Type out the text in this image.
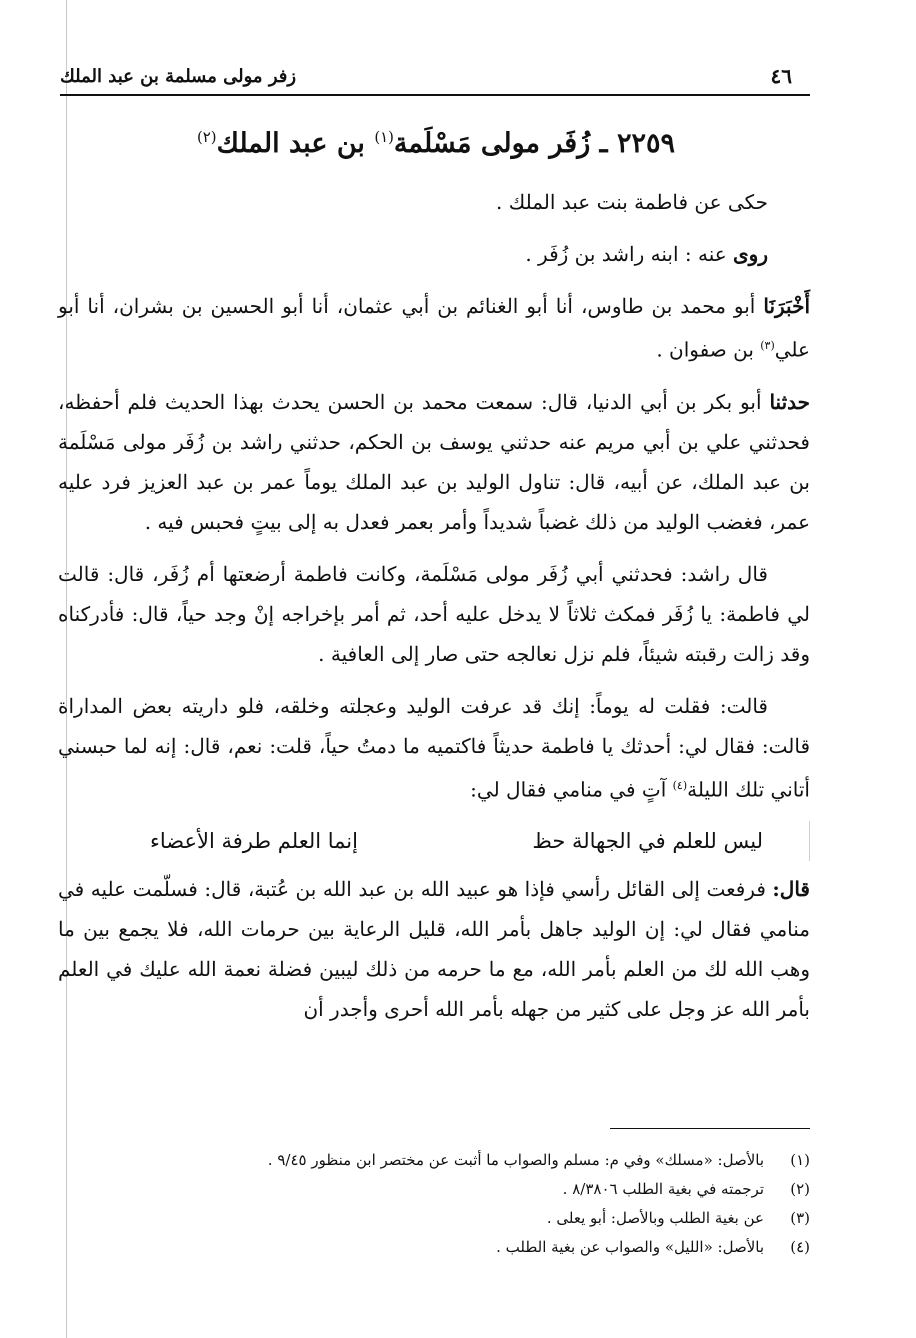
٤٦
زفر مولى مسلمة بن عبد الملك
٢٢٥٩ ـ زُفَر مولى مَسْلَمة$^{(١)}$ بن عبد الملك$^{(٢)}$

حكى عن فاطمة بنت عبد الملك .

روى عنه : ابنه راشد بن زُفَر .

أَخْبَرَنَا أبو محمد بن طاوس، أنا أبو الغنائم بن أبي عثمان، أنا أبو الحسين بن بشران، أنا أبو علي$^{(٣)}$ بن صفوان .

حدثنا أبو بكر بن أبي الدنيا، قال: سمعت محمد بن الحسن يحدث بهذا الحديث فلم أحفظه، فحدثني علي بن أبي مريم عنه حدثني يوسف بن الحكم، حدثني راشد بن زُفَر مولى مَسْلَمة بن عبد الملك، عن أبيه، قال: تناول الوليد بن عبد الملك يوماً عمر بن عبد العزيز فرد عليه عمر، فغضب الوليد من ذلك غضباً شديداً وأمر بعمر فعدل به إلى بيتٍ فحبس فيه .

قال راشد: فحدثني أبي زُفَر مولى مَسْلَمة، وكانت فاطمة أرضعتها أم زُفَر، قال: قالت لي فاطمة: يا زُفَر فمكث ثلاثاً لا يدخل عليه أحد، ثم أمر بإخراجه إنْ وجد حياً، قال: فأدركناه وقد زالت رقبته شيئاً، فلم نزل نعالجه حتى صار إلى العافية .

قالت: فقلت له يوماً: إنك قد عرفت الوليد وعجلته وخلقه، فلو داريته بعض المداراة قالت: فقال لي: أحدثك يا فاطمة حديثاً فاكتميه ما دمتُ حياً، قلت: نعم، قال: إنه لما حبسني أتاني تلك الليلة$^{(٤)}$ آتٍ في منامي فقال لي:

ليس للعلم في الجهالة حظ
إنما العلم طرفة الأعضاء

قال: فرفعت إلى القائل رأسي فإذا هو عبيد الله بن عبد الله بن عُتبة، قال: فسلّمت عليه في منامي فقال لي: إن الوليد جاهل بأمر الله، قليل الرعاية بين حرمات الله، فلا يجمع بين ما وهب الله لك من العلم بأمر الله، مع ما حرمه من ذلك ليبين فضلة نعمة الله عليك في العلم بأمر الله عز وجل على كثير من جهله بأمر الله أحرى وأجدر أن

(١)
بالأصل: «مسلك» وفي م: مسلم والصواب ما أثبت عن مختصر ابن منظور ٩/٤٥ .
(٢)
ترجمته في بغية الطلب ٨/٣٨٠٦ .
(٣)
عن بغية الطلب وبالأصل: أبو يعلى .
(٤)
بالأصل: «الليل» والصواب عن بغية الطلب .
